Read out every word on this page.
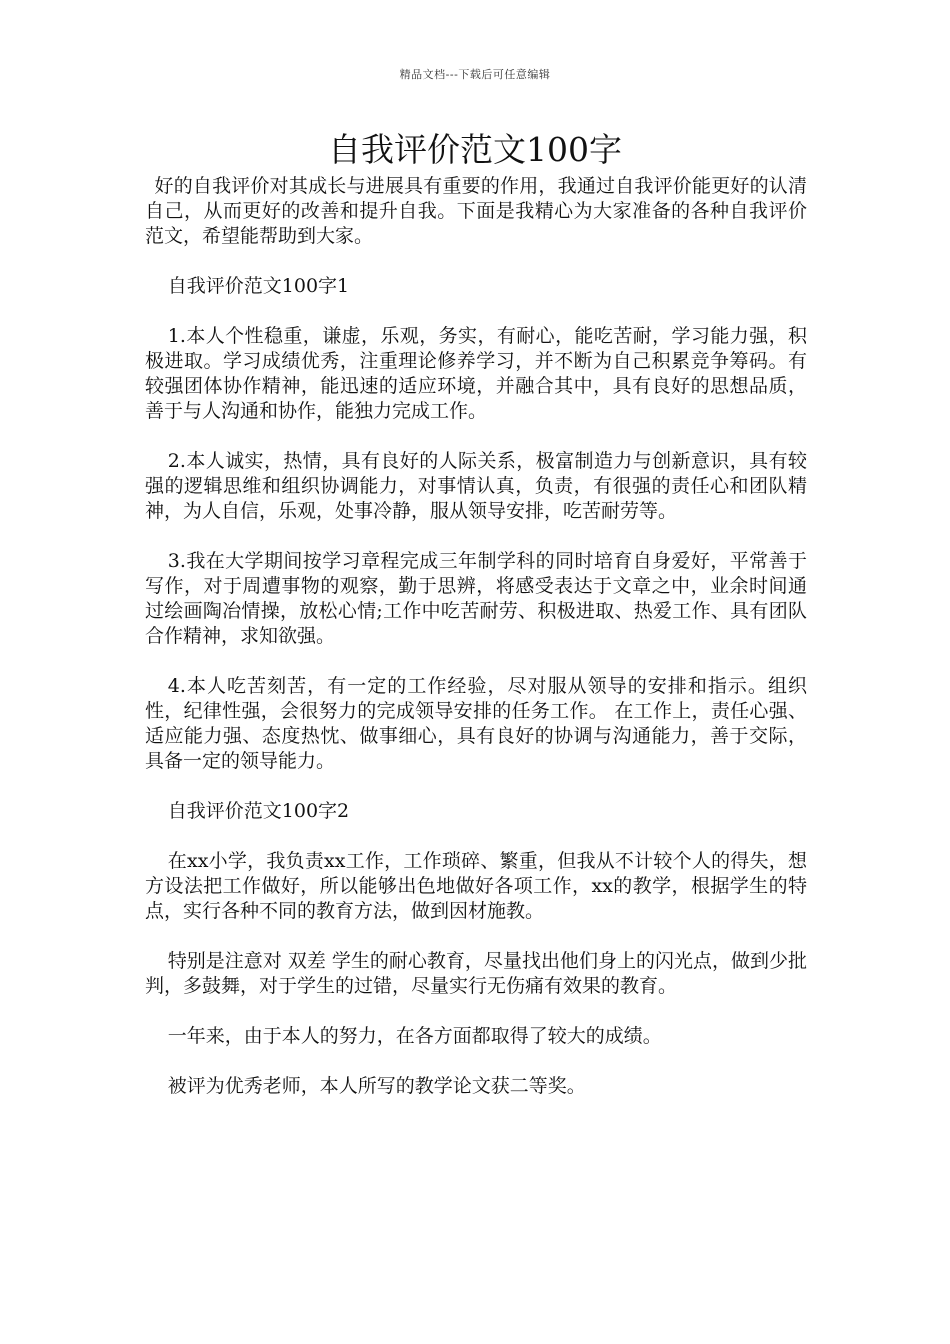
精品文档---下载后可任意编辑
自我评价范文100字

好的自我评价对其成长与进展具有重要的作用，我通过自我评价能更好的认清自己，从而更好的改善和提升自我。下面是我精心为大家准备的各种自我评价范文，希望能帮助到大家。

自我评价范文100字1

1.本人个性稳重，谦虚，乐观，务实，有耐心，能吃苦耐，学习能力强，积极进取。学习成绩优秀，注重理论修养学习，并不断为自己积累竞争筹码。有较强团体协作精神，能迅速的适应环境，并融合其中，具有良好的思想品质，善于与人沟通和协作，能独力完成工作。

2.本人诚实，热情，具有良好的人际关系，极富制造力与创新意识，具有较强的逻辑思维和组织协调能力，对事情认真，负责，有很强的责任心和团队精神，为人自信，乐观，处事冷静，服从领导安排，吃苦耐劳等。

3.我在大学期间按学习章程完成三年制学科的同时培育自身爱好，平常善于写作，对于周遭事物的观察，勤于思辨，将感受表达于文章之中，业余时间通过绘画陶冶情操，放松心情;工作中吃苦耐劳、积极进取、热爱工作、具有团队合作精神，求知欲强。

4.本人吃苦刻苦，有一定的工作经验，尽对服从领导的安排和指示。组织性，纪律性强，会很努力的完成领导安排的任务工作。 在工作上，责任心强、适应能力强、态度热忱、做事细心，具有良好的协调与沟通能力，善于交际，具备一定的领导能力。

自我评价范文100字2

在xx小学，我负责xx工作，工作琐碎、繁重，但我从不计较个人的得失，想方设法把工作做好，所以能够出色地做好各项工作，xx的教学，根据学生的特点，实行各种不同的教育方法，做到因材施教。

特别是注意对 双差 学生的耐心教育，尽量找出他们身上的闪光点，做到少批判，多鼓舞，对于学生的过错，尽量实行无伤痛有效果的教育。

一年来，由于本人的努力，在各方面都取得了较大的成绩。

被评为优秀老师，本人所写的教学论文获二等奖。
